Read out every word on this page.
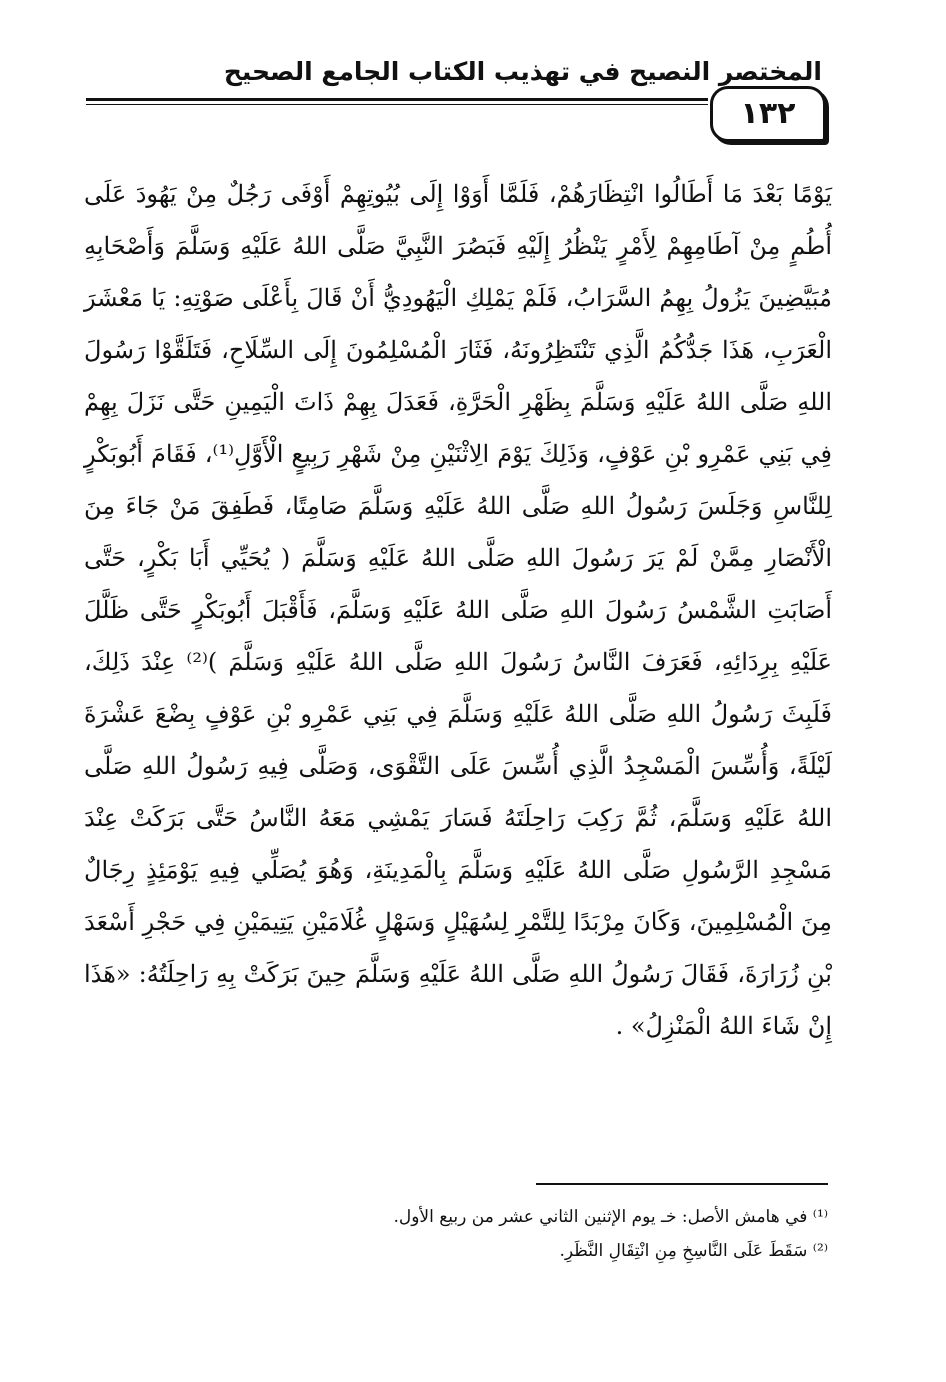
المختصر النصيح في تهذيب الكتاب الجامع الصحيح
١٣٢
يَوْمًا بَعْدَ مَا أَطَالُوا انْتِظَارَهُمْ، فَلَمَّا أَوَوْا إِلَى بُيُوتِهِمْ أَوْفَى رَجُلٌ مِنْ يَهُودَ عَلَى أُطُمٍ مِنْ آطَامِهِمْ لِأَمْرٍ يَنْظُرُ إِلَيْهِ فَبَصُرَ النَّبِيَّ صَلَّى اللهُ عَلَيْهِ وَسَلَّمَ وَأَصْحَابِهِ مُبَيَّضِينَ يَزُولُ بِهِمُ السَّرَابُ، فَلَمْ يَمْلِكِ الْيَهُودِيُّ أَنْ قَالَ بِأَعْلَى صَوْتِهِ: يَا مَعْشَرَ الْعَرَبِ، هَذَا جَدُّكُمُ الَّذِي تَنْتَظِرُونَهُ، فَثَارَ الْمُسْلِمُونَ إِلَى السِّلَاحِ، فَتَلَقَّوْا رَسُولَ اللهِ صَلَّى اللهُ عَلَيْهِ وَسَلَّمَ بِظَهْرِ الْحَرَّةِ، فَعَدَلَ بِهِمْ ذَاتَ الْيَمِينِ حَتَّى نَزَلَ بِهِمْ فِي بَنِي عَمْرِو بْنِ عَوْفٍ، وَذَلِكَ يَوْمَ الِاثْنَيْنِ مِنْ شَهْرِ رَبِيعٍ الْأَوَّلِ⁽¹⁾، فَقَامَ أَبُوبَكْرٍ لِلنَّاسِ وَجَلَسَ رَسُولُ اللهِ صَلَّى اللهُ عَلَيْهِ وَسَلَّمَ صَامِتًا، فَطَفِقَ مَنْ جَاءَ مِنَ الْأَنْصَارِ مِمَّنْ لَمْ يَرَ رَسُولَ اللهِ صَلَّى اللهُ عَلَيْهِ وَسَلَّمَ ( يُحَيِّي أَبَا بَكْرٍ، حَتَّى أَصَابَتِ الشَّمْسُ رَسُولَ اللهِ صَلَّى اللهُ عَلَيْهِ وَسَلَّمَ، فَأَقْبَلَ أَبُوبَكْرٍ حَتَّى ظَلَّلَ عَلَيْهِ بِرِدَائِهِ، فَعَرَفَ النَّاسُ رَسُولَ اللهِ صَلَّى اللهُ عَلَيْهِ وَسَلَّمَ )⁽²⁾ عِنْدَ ذَلِكَ، فَلَبِثَ رَسُولُ اللهِ صَلَّى اللهُ عَلَيْهِ وَسَلَّمَ فِي بَنِي عَمْرِو بْنِ عَوْفٍ بِضْعَ عَشْرَةَ لَيْلَةً، وَأُسِّسَ الْمَسْجِدُ الَّذِي أُسِّسَ عَلَى التَّقْوَى، وَصَلَّى فِيهِ رَسُولُ اللهِ صَلَّى اللهُ عَلَيْهِ وَسَلَّمَ، ثُمَّ رَكِبَ رَاحِلَتَهُ فَسَارَ يَمْشِي مَعَهُ النَّاسُ حَتَّى بَرَكَتْ عِنْدَ مَسْجِدِ الرَّسُولِ صَلَّى اللهُ عَلَيْهِ وَسَلَّمَ بِالْمَدِينَةِ، وَهُوَ يُصَلِّي فِيهِ يَوْمَئِذٍ رِجَالٌ مِنَ الْمُسْلِمِينَ، وَكَانَ مِرْبَدًا لِلتَّمْرِ لِسُهَيْلٍ وَسَهْلٍ غُلَامَيْنِ يَتِيمَيْنِ فِي حَجْرِ أَسْعَدَ بْنِ زُرَارَةَ، فَقَالَ رَسُولُ اللهِ صَلَّى اللهُ عَلَيْهِ وَسَلَّمَ حِينَ بَرَكَتْ بِهِ رَاحِلَتُهُ: «هَذَا إِنْ شَاءَ اللهُ الْمَنْزِلُ» .
⁽¹⁾ في هامش الأصل: خـ يوم الإثنين الثاني عشر من ربيع الأول.
⁽²⁾ سَقَطَ عَلَى النَّاسِخِ مِنِ انْتِقَالِ النَّظَرِ.
